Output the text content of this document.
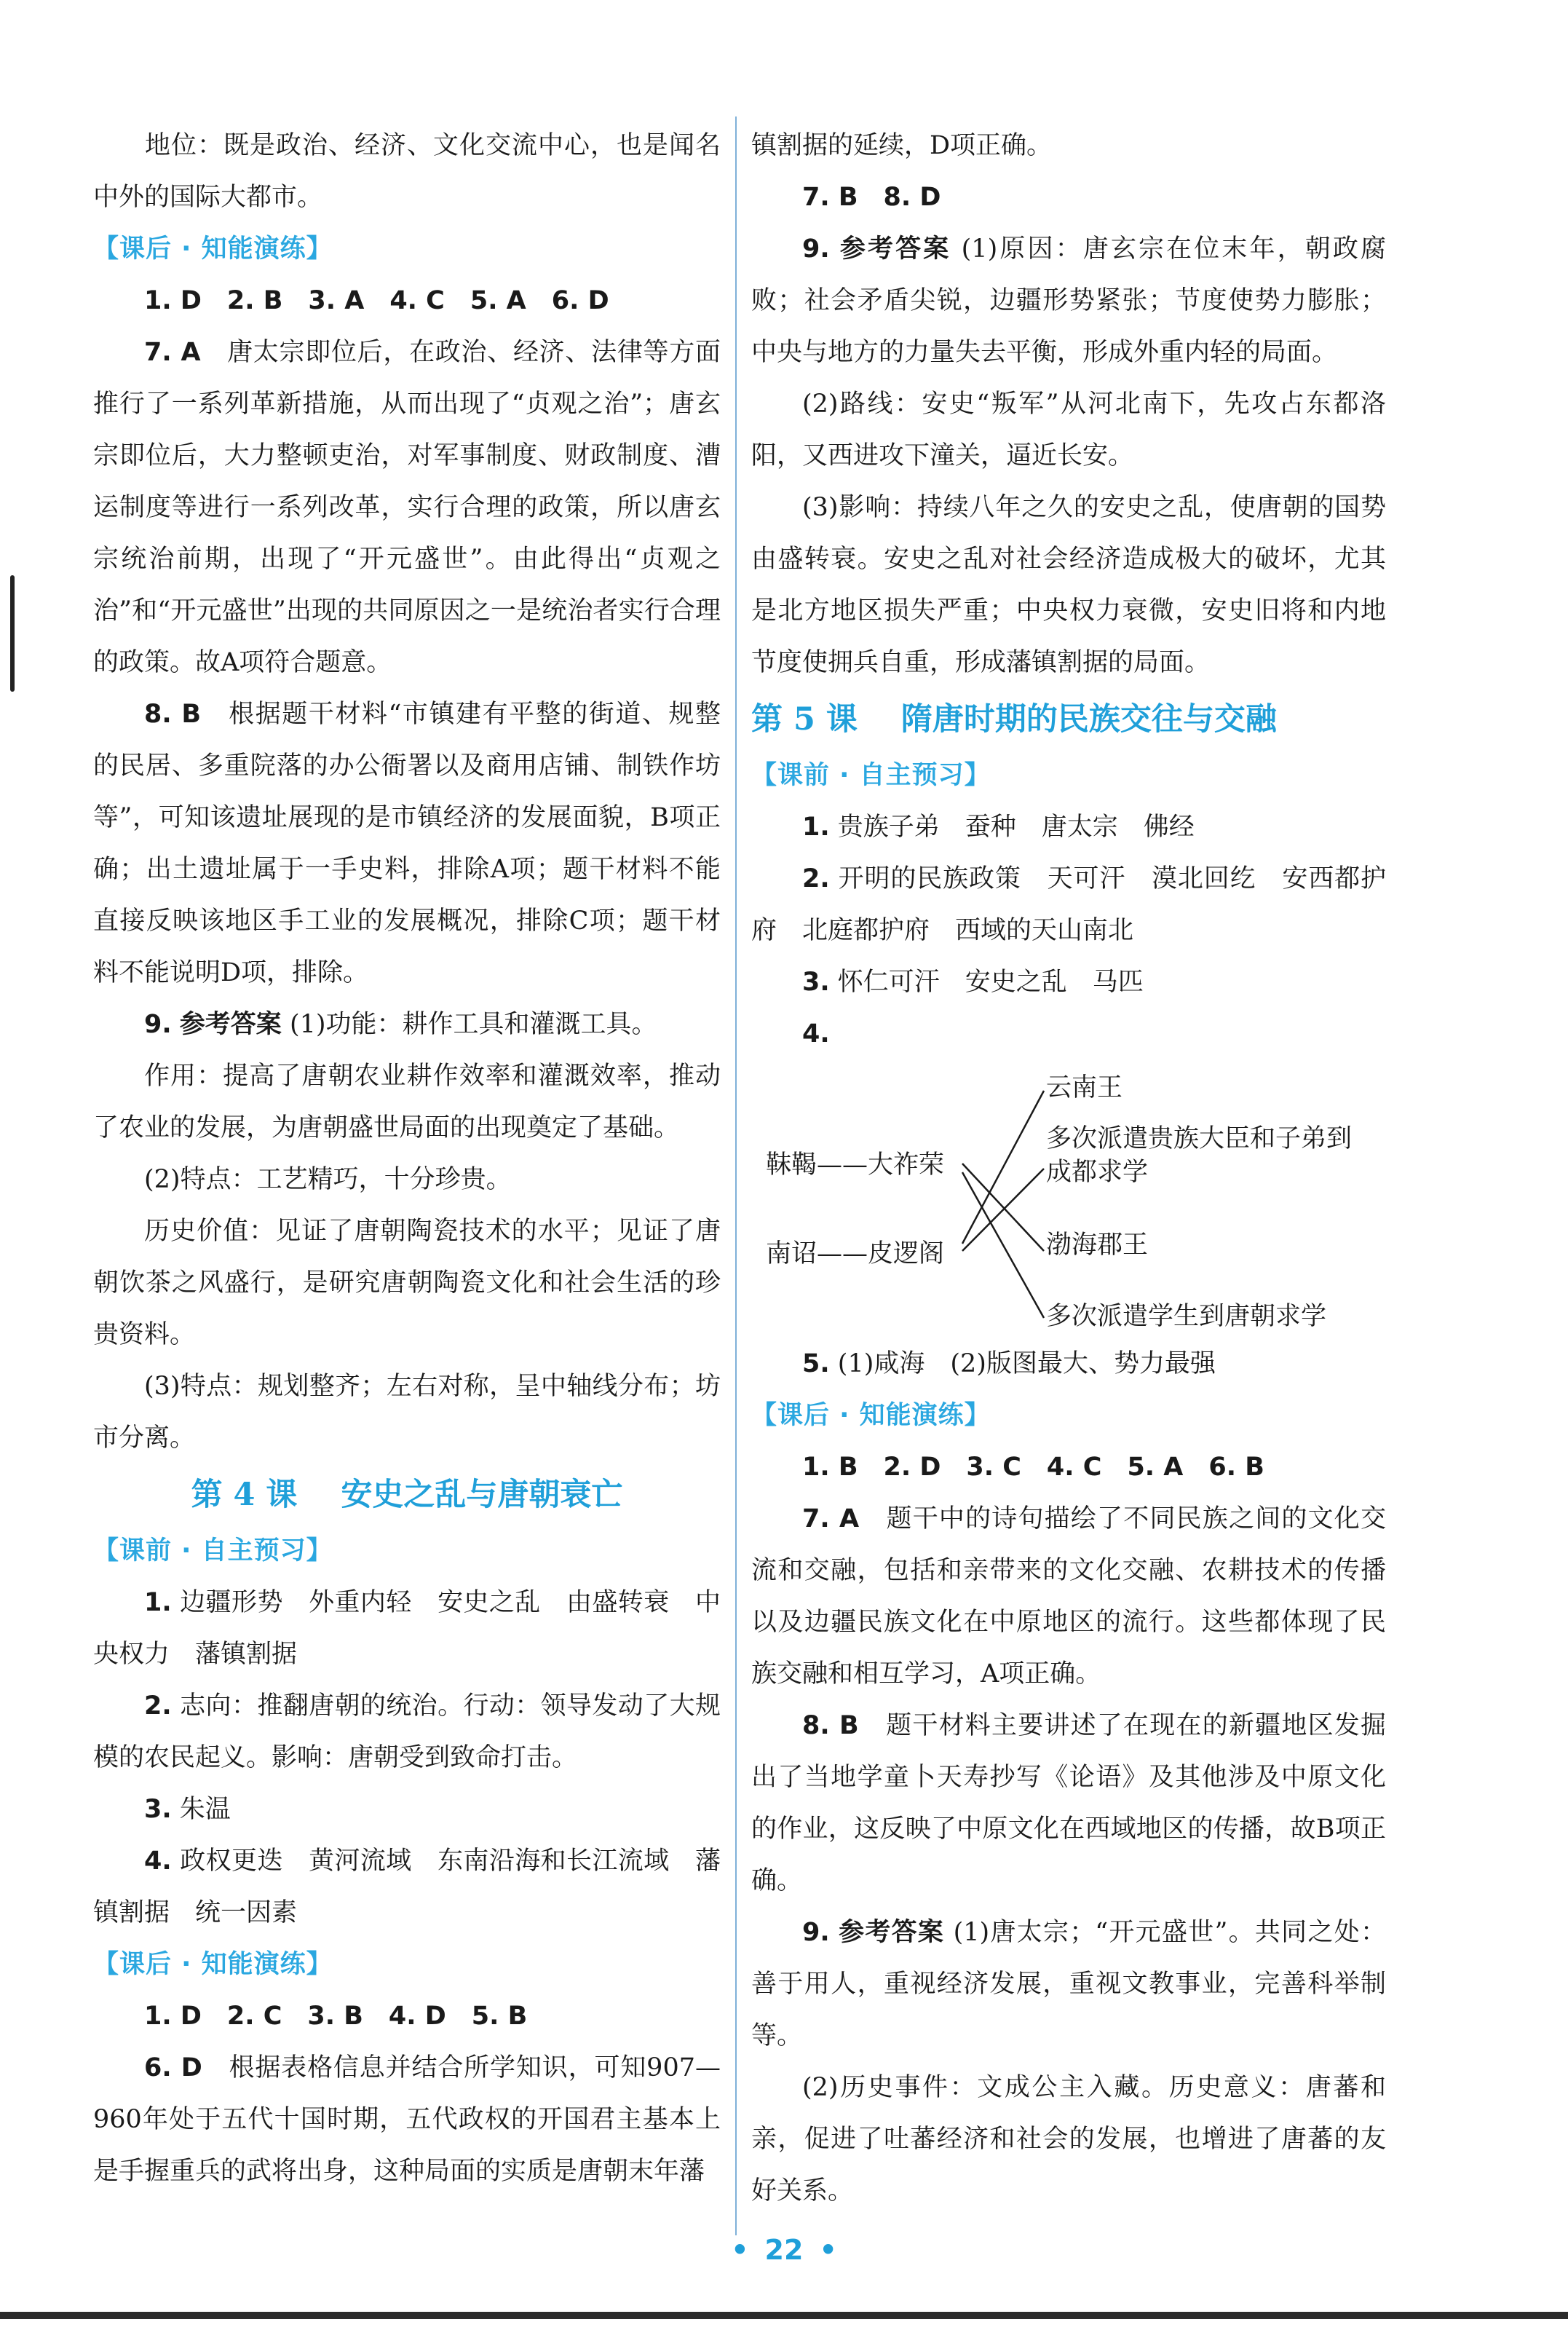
地位：既是政治、经济、文化交流中心，也是闻名中外的国际大都市。

【课后 · 知能演练】

1. D　2. B　3. A　4. C　5. A　6. D

7. A　 唐太宗即位后，在政治、经济、法律等方面推行了一系列革新措施，从而出现了“贞观之治”；唐玄宗即位后，大力整顿吏治，对军事制度、财政制度、漕运制度等进行一系列改革，实行合理的政策，所以唐玄宗统治前期，出现了“开元盛世”。由此得出“贞观之治”和“开元盛世”出现的共同原因之一是统治者实行合理的政策。故A项符合题意。

8. B　 根据题干材料“市镇建有平整的街道、规整的民居、多重院落的办公衙署以及商用店铺、制铁作坊等”，可知该遗址展现的是市镇经济的发展面貌，B项正确；出土遗址属于一手史料，排除A项；题干材料不能直接反映该地区手工业的发展概况，排除C项；题干材料不能说明D项，排除。

9. 参考答案 (1)功能：耕作工具和灌溉工具。

作用：提高了唐朝农业耕作效率和灌溉效率，推动了农业的发展，为唐朝盛世局面的出现奠定了基础。

(2)特点：工艺精巧，十分珍贵。

历史价值：见证了唐朝陶瓷技术的水平；见证了唐朝饮茶之风盛行，是研究唐朝陶瓷文化和社会生活的珍贵资料。

(3)特点：规划整齐；左右对称，呈中轴线分布；坊市分离。

第 4 课 安史之乱与唐朝衰亡

【课前 · 自主预习】

1. 边疆形势　外重内轻　安史之乱　由盛转衰　中央权力　藩镇割据

2. 志向：推翻唐朝的统治。行动：领导发动了大规模的农民起义。影响：唐朝受到致命打击。

3. 朱温

4. 政权更迭　黄河流域　东南沿海和长江流域　藩镇割据　统一因素

【课后 · 知能演练】

1. D　2. C　3. B　4. D　5. B

6. D　 根据表格信息并结合所学知识，可知907—960年处于五代十国时期，五代政权的开国君主基本上是手握重兵的武将出身，这种局面的实质是唐朝末年藩

镇割据的延续，D项正确。

7. B　8. D

9. 参考答案 (1)原因：唐玄宗在位末年，朝政腐败；社会矛盾尖锐，边疆形势紧张；节度使势力膨胀；中央与地方的力量失去平衡，形成外重内轻的局面。

(2)路线：安史“叛军”从河北南下，先攻占东都洛阳，又西进攻下潼关，逼近长安。

(3)影响：持续八年之久的安史之乱，使唐朝的国势由盛转衰。安史之乱对社会经济造成极大的破坏，尤其是北方地区损失严重；中央权力衰微，安史旧将和内地节度使拥兵自重，形成藩镇割据的局面。

第 5 课 隋唐时期的民族交往与交融

【课前 · 自主预习】

1. 贵族子弟　蚕种　唐太宗　佛经

2. 开明的民族政策　天可汗　漠北回纥　安西都护府　北庭都护府　西域的天山南北

3. 怀仁可汗　安史之乱　马匹

4.

靺鞨——大祚荣
南诏——皮逻阁
云南王
多次派遣贵族大臣和子弟到
成都求学
渤海郡王
多次派遣学生到唐朝求学

5. (1)咸海　(2)版图最大、势力最强

【课后 · 知能演练】

1. B　2. D　3. C　4. C　5. A　6. B

7. A　 题干中的诗句描绘了不同民族之间的文化交流和交融，包括和亲带来的文化交融、农耕技术的传播以及边疆民族文化在中原地区的流行。这些都体现了民族交融和相互学习，A项正确。

8. B　 题干材料主要讲述了在现在的新疆地区发掘出了当地学童卜天寿抄写《论语》及其他涉及中原文化的作业，这反映了中原文化在西域地区的传播，故B项正确。

9. 参考答案 (1)唐太宗；“开元盛世”。共同之处：善于用人，重视经济发展，重视文教事业，完善科举制等。

(2)历史事件：文成公主入藏。历史意义：唐蕃和亲，促进了吐蕃经济和社会的发展，也增进了唐蕃的友好关系。

• 22 •
